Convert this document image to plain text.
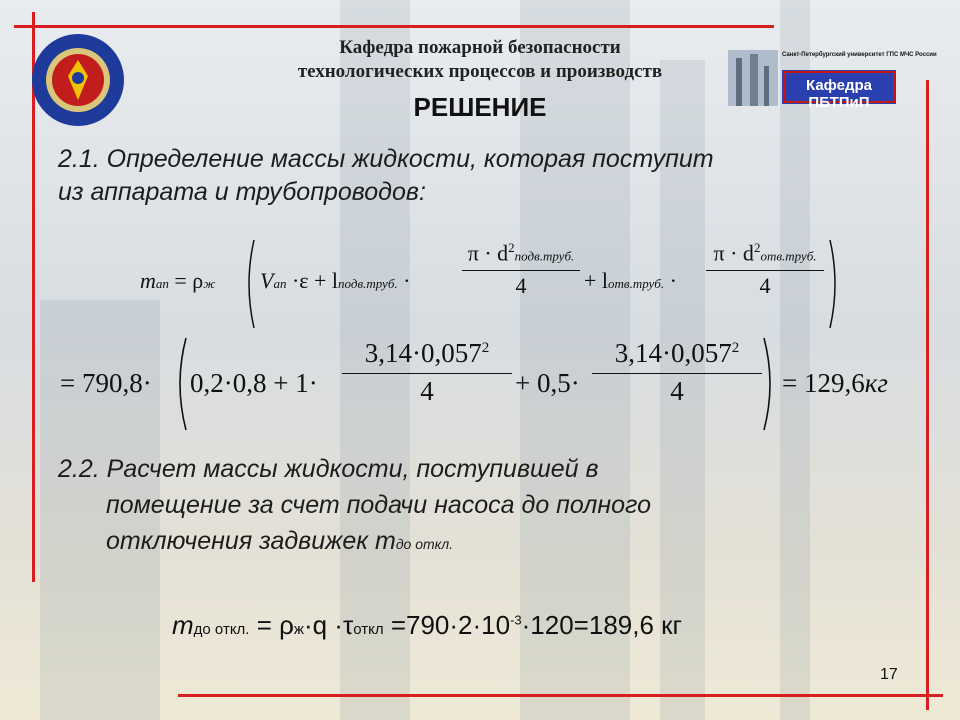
Санкт-Петербургский университет ГПС МЧС России
Кафедра ПБТПиП
Кафедра пожарной безопасности
технологических процессов и производств
РЕШЕНИЕ
2.1. Определение массы жидкости, которая поступит
из аппарата и трубопроводов:
mап = ρж Vап ·ε + lподв.труб. ·
$\pi \cdot d^2подв.труб$.
4	+ lотв.труб. ·
$\pi \cdot d^2отв.труб$.
4
= 790,8· 0,2·0,8 + 1·
$3,14\cdot 0,057^2$
4	+ 0,5·
$3,14\cdot 0,057^2$
4	= 129,6кг
2.2. Расчет массы жидкости, поступившей в
помещение за счет подачи насоса до полного
отключения задвижек mдо откл.
mдо откл. = ρж·q ·τоткл $=790\cdot 2\cdot 10^{-3}\cdot 120=189,6$ кг
17
